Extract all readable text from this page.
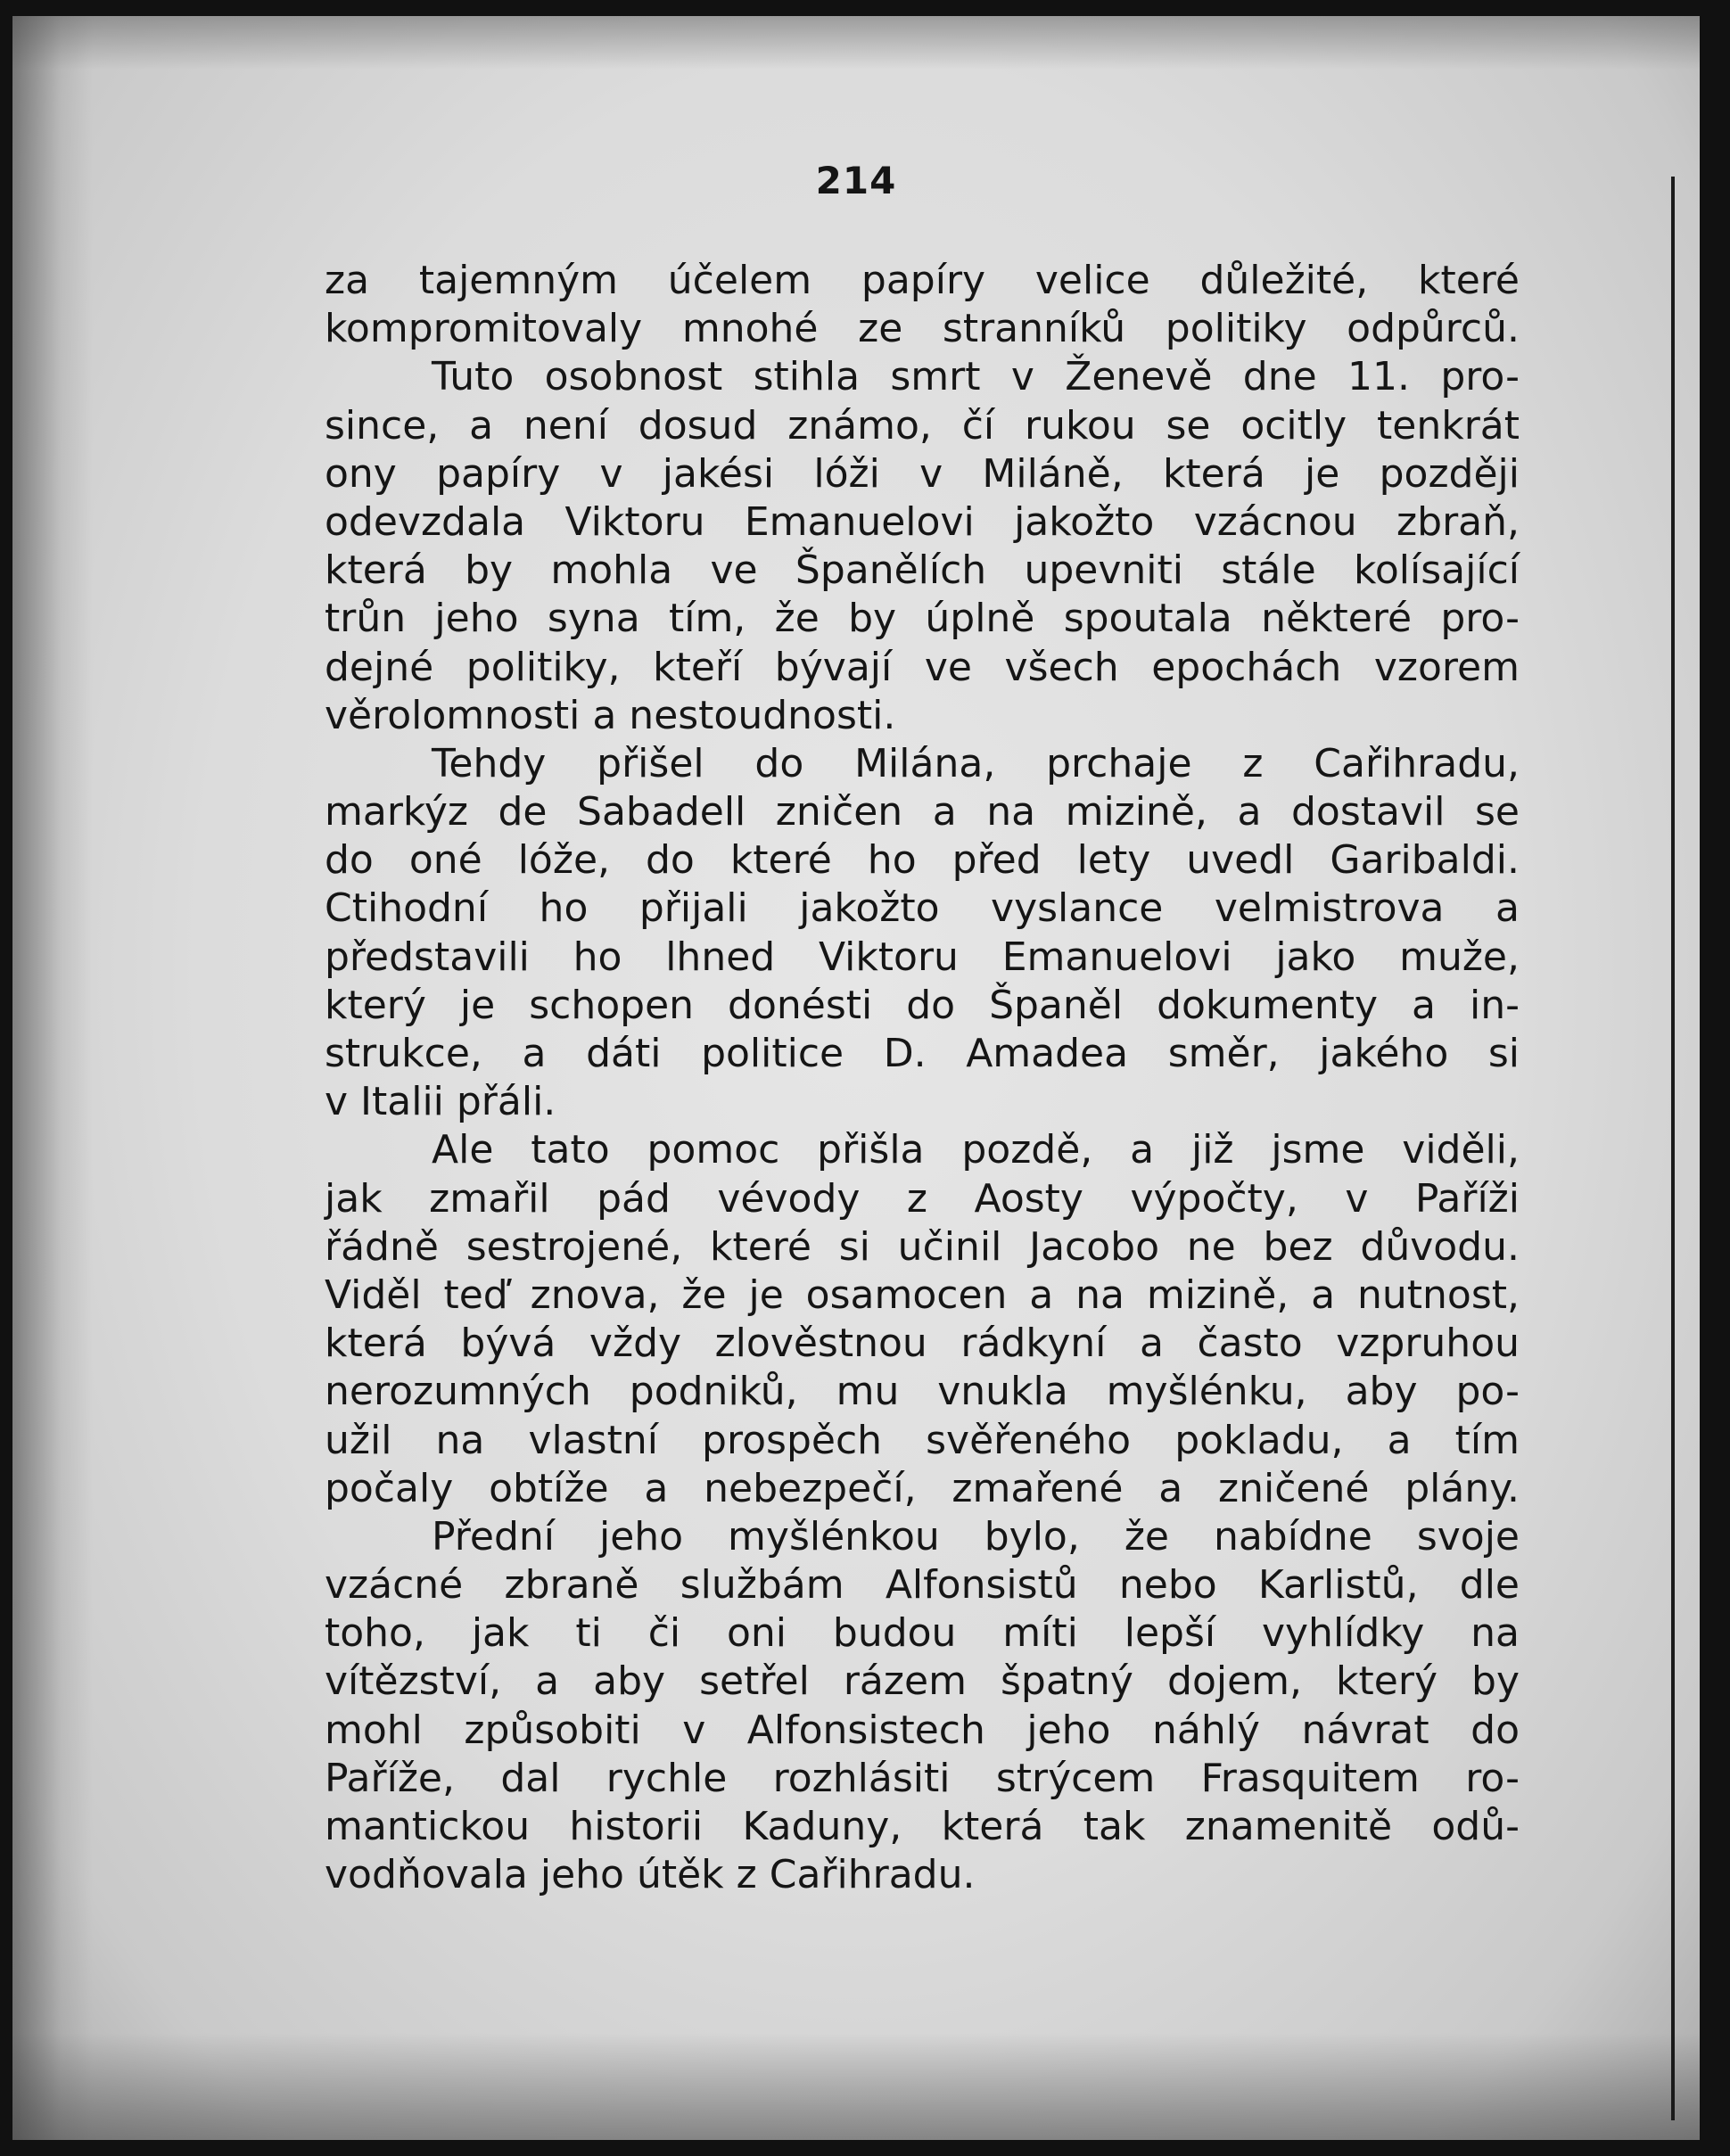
214
za tajemným účelem papíry velice důležité, které
kompromitovaly mnohé ze stranníků politiky odpůrců.
Tuto osobnost stihla smrt v Ženevě dne 11. pro-
since, a není dosud známo, čí rukou se ocitly tenkrát
ony papíry v jakési lóži v Miláně, která je později
odevzdala Viktoru Emanuelovi jakožto vzácnou zbraň,
která by mohla ve Španělích upevniti stále kolísající
trůn jeho syna tím, že by úplně spoutala některé pro-
dejné politiky, kteří bývají ve všech epochách vzorem
věrolomnosti a nestoudnosti.
Tehdy přišel do Milána, prchaje z Cařihradu,
markýz de Sabadell zničen a na mizině, a dostavil se
do oné lóže, do které ho před lety uvedl Garibaldi.
Ctihodní ho přijali jakožto vyslance velmistrova a
představili ho lhned Viktoru Emanuelovi jako muže,
který je schopen donésti do Španěl dokumenty a in-
strukce, a dáti politice D. Amadea směr, jakého si
v Italii přáli.
Ale tato pomoc přišla pozdě, a již jsme viděli,
jak zmařil pád vévody z Aosty výpočty, v Paříži
řádně sestrojené, které si učinil Jacobo ne bez důvodu.
Viděl teď znova, že je osamocen a na mizině, a nutnost,
která bývá vždy zlověstnou rádkyní a často vzpruhou
nerozumných podniků, mu vnukla myšlénku, aby po-
užil na vlastní prospěch svěřeného pokladu, a tím
počaly obtíže a nebezpečí, zmařené a zničené plány.
Přední jeho myšlénkou bylo, že nabídne svoje
vzácné zbraně službám Alfonsistů nebo Karlistů, dle
toho, jak ti či oni budou míti lepší vyhlídky na
vítězství, a aby setřel rázem špatný dojem, který by
mohl způsobiti v Alfonsistech jeho náhlý návrat do
Paříže, dal rychle rozhlásiti strýcem Frasquitem ro-
mantickou historii Kaduny, která tak znamenitě odů-
vodňovala jeho útěk z Cařihradu.
